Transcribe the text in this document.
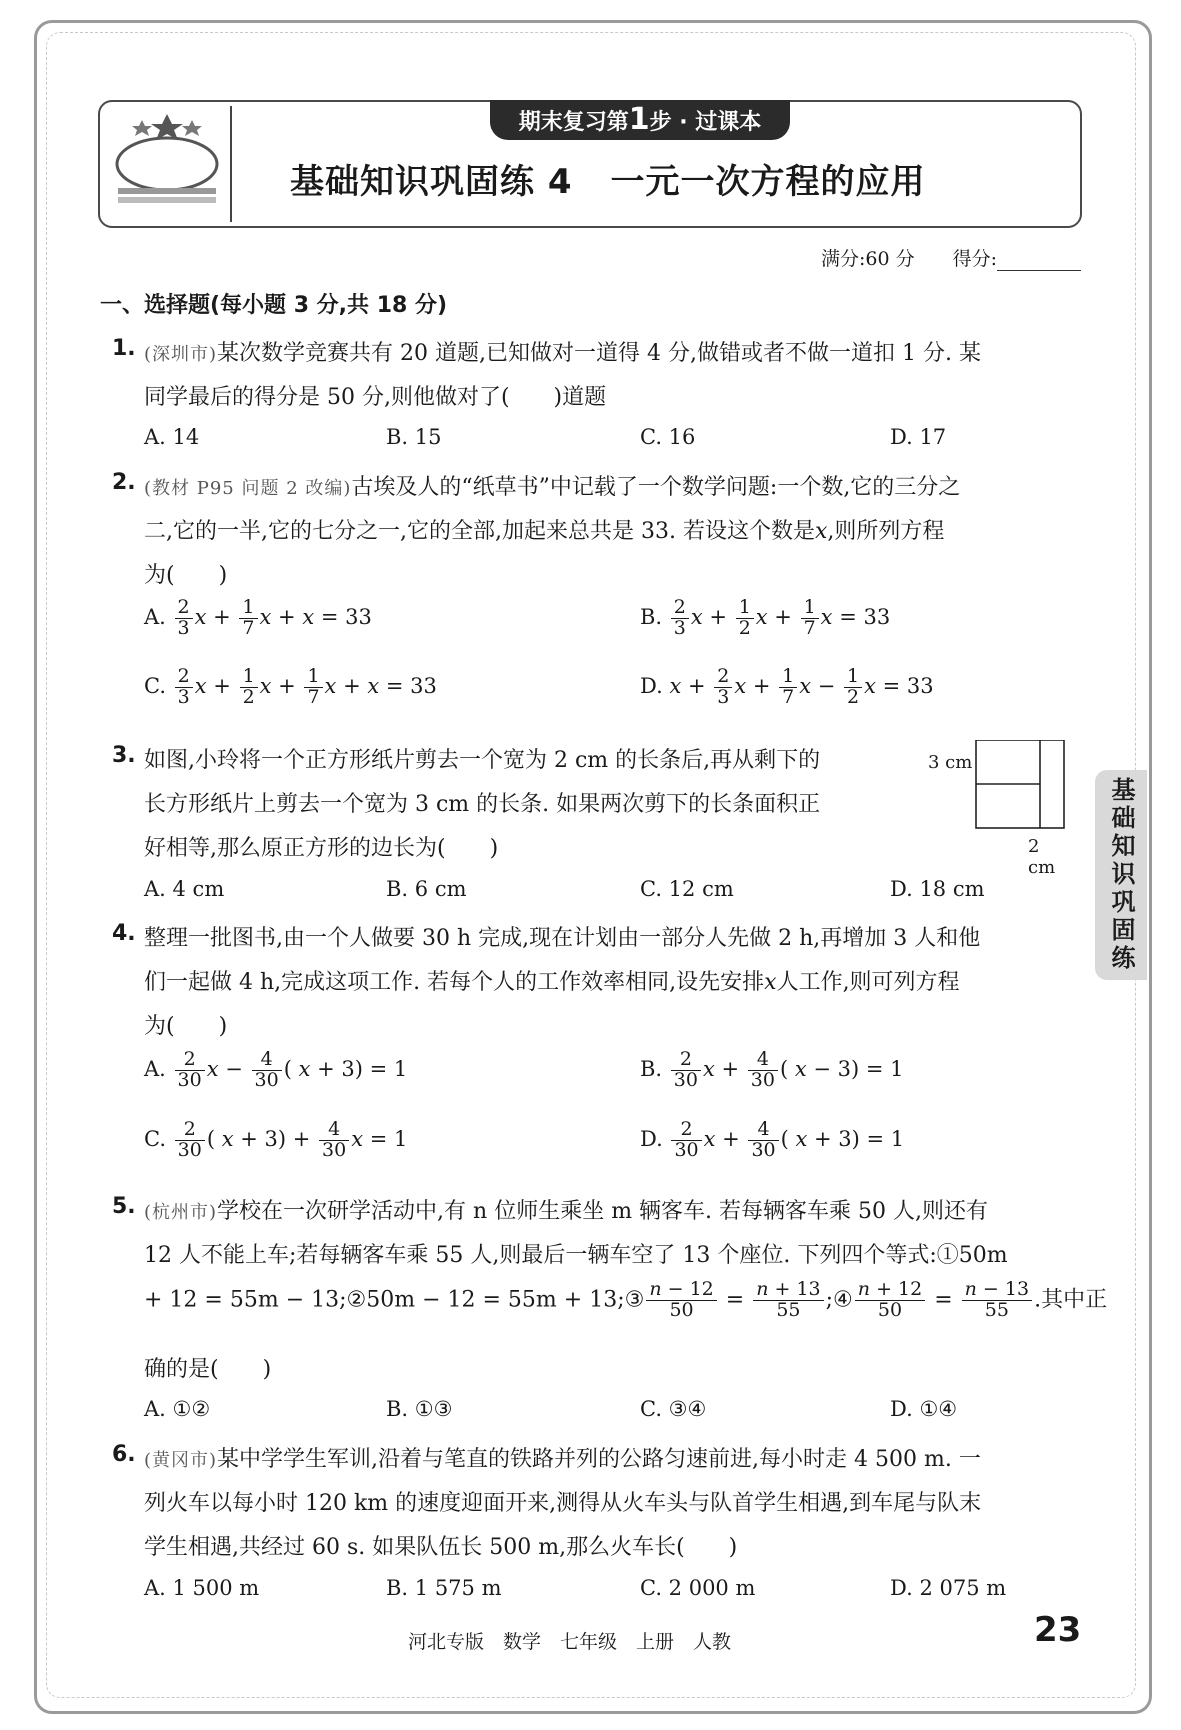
期末复习第1步 · 过课本
基础知识巩固练 4 一元一次方程的应用
满分:60 分　　 得分:
一、选择题(每小题 3 分,共 18 分)
1. (深圳市)某次数学竞赛共有 20 道题,已知做对一道得 4 分,做错或者不做一道扣 1 分. 某
同学最后的得分是 50 分,则他做对了(　　)道题
A. 14	B. 15	C. 16	D. 17
2. (教材 P95 问题 2 改编)古埃及人的“纸草书”中记载了一个数学问题:一个数,它的三分之
二,它的一半,它的七分之一,它的全部,加起来总共是 33. 若设这个数是x,则所列方程
为(　　)
A. $\frac{2}{3}$ $x + \frac{1}{7}$ x + x = 33	B. $\frac{2}{3}$ $x + \frac{1}{2}$ $x + \frac{1}{7}$ x = 33
C. $\frac{2}{3}$ $x + \frac{1}{2}$ $x + \frac{1}{7}$ x + x = 33	D. $x + \frac{2}{3}$ $x + \frac{1}{7}$ $x - \frac{1}{2}$ x = 33
3. 如图,小玲将一个正方形纸片剪去一个宽为 2 cm 的长条后,再从剩下的
长方形纸片上剪去一个宽为 3 cm 的长条. 如果两次剪下的长条面积正
好相等,那么原正方形的边长为(　　)
3 cm
2 cm
A. 4 cm	B. 6 cm	C. 12 cm	D. 18 cm
4. 整理一批图书,由一个人做要 30 h 完成,现在计划由一部分人先做 2 h,再增加 3 人和他
们一起做 4 h,完成这项工作. 若每个人的工作效率相同,设先安排x人工作,则可列方程
为(　　)
A. $\frac{2}{30}$ $x - \frac{4}{30}$ ( x + 3) = 1	B. $\frac{2}{30}$ $x + \frac{4}{30}$ ( x − 3) = 1
C. $\frac{2}{30}$ ( $x + 3) + \frac{4}{30}$ x = 1	D. $\frac{2}{30}$ $x + \frac{4}{30}$ ( x + 3) = 1
5. (杭州市)学校在一次研学活动中,有 n 位师生乘坐 m 辆客车. 若每辆客车乘 50 人,则还有
12 人不能上车;若每辆客车乘 55 人,则最后一辆车空了 13 个座位. 下列四个等式:①50m
+ 12 = 55m − 13;②50m − 12 = 55m + 13;③ $\frac{n - 12}{50} = \frac{n + 13}{55}$ ;④ $\frac{n + 12}{50} = \frac{n - 13}{55}$ .其中正
确的是(　　)
A. ①②	B. ①③	C. ③④	D. ①④
6. (黄冈市)某中学学生军训,沿着与笔直的铁路并列的公路匀速前进,每小时走 4 500 m. 一
列火车以每小时 120 km 的速度迎面开来,测得从火车头与队首学生相遇,到车尾与队末
学生相遇,共经过 60 s. 如果队伍长 500 m,那么火车长(　　)
A. 1 500 m	B. 1 575 m	C. 2 000 m	D. 2 075 m
基础知识巩固练
河北专版　数学　七年级　上册　人教	23
